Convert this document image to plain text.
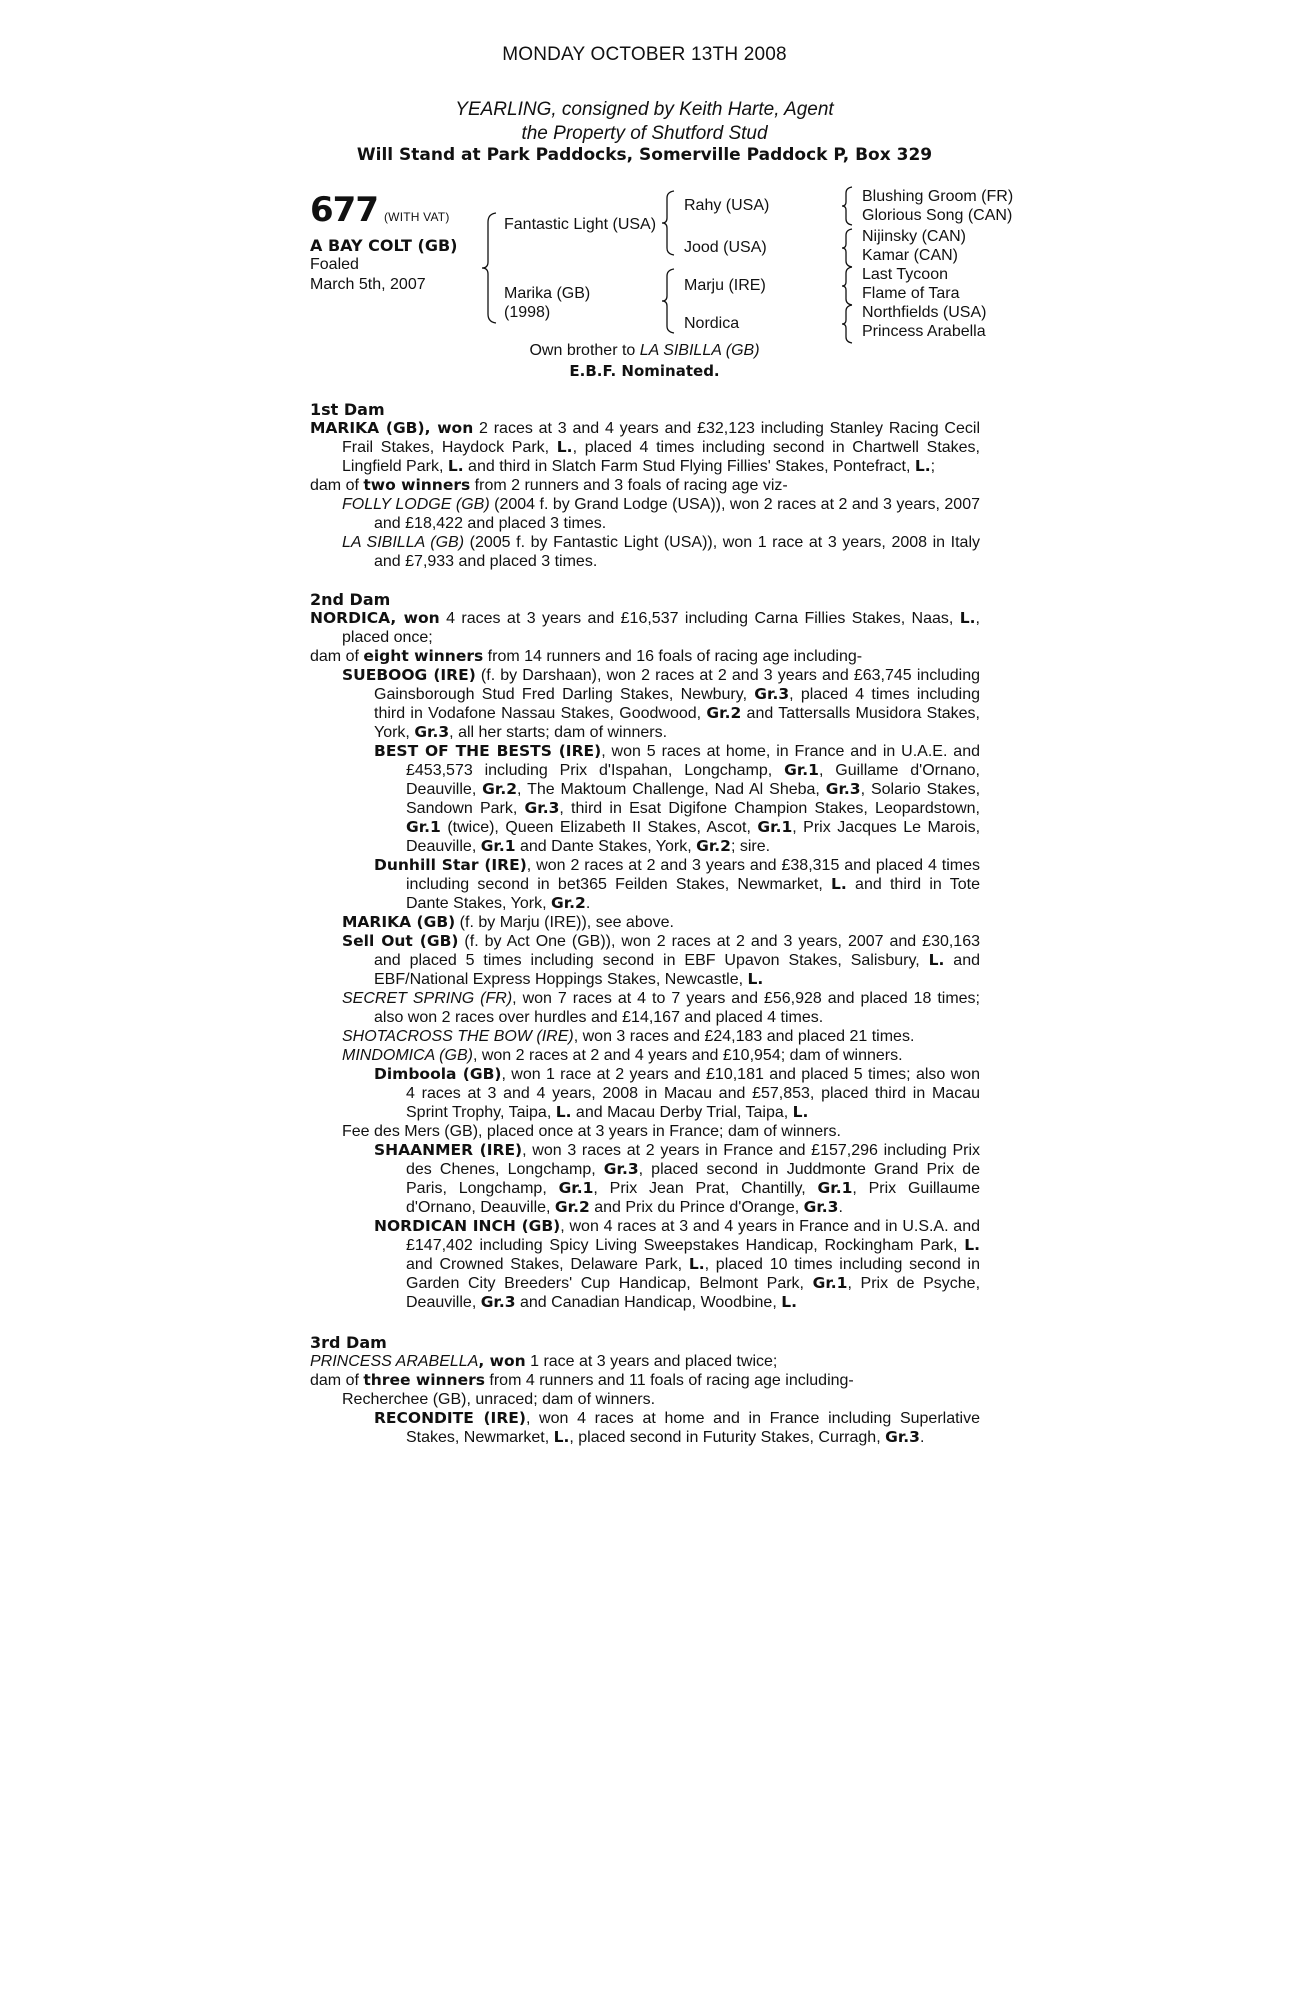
MONDAY OCTOBER 13TH 2008
YEARLING, consigned by Keith Harte, Agent
the Property of Shutford Stud
Will Stand at Park Paddocks, Somerville Paddock P, Box 329
677 (WITH VAT)
A BAY COLT (GB)
Foaled
March 5th, 2007
Fantastic Light (USA)
Marika (GB)
(1998)
Rahy (USA)
Jood (USA)
Marju (IRE)
Nordica
Blushing Groom (FR)
Glorious Song (CAN)
Nijinsky (CAN)
Kamar (CAN)
Last Tycoon
Flame of Tara
Northfields (USA)
Princess Arabella
Own brother to LA SIBILLA (GB)
E.B.F. Nominated.
1st Dam
MARIKA (GB), won 2 races at 3 and 4 years and £32,123 including Stanley Racing Cecil Frail Stakes, Haydock Park, L., placed 4 times including second in Chartwell Stakes, Lingfield Park, L. and third in Slatch Farm Stud Flying Fillies' Stakes, Pontefract, L.;
dam of two winners from 2 runners and 3 foals of racing age viz-
FOLLY LODGE (GB) (2004 f. by Grand Lodge (USA)), won 2 races at 2 and 3 years, 2007 and £18,422 and placed 3 times.
LA SIBILLA (GB) (2005 f. by Fantastic Light (USA)), won 1 race at 3 years, 2008 in Italy and £7,933 and placed 3 times.
2nd Dam
NORDICA, won 4 races at 3 years and £16,537 including Carna Fillies Stakes, Naas, L., placed once;
dam of eight winners from 14 runners and 16 foals of racing age including-
SUEBOOG (IRE) (f. by Darshaan), won 2 races at 2 and 3 years and £63,745 including Gainsborough Stud Fred Darling Stakes, Newbury, Gr.3, placed 4 times including third in Vodafone Nassau Stakes, Goodwood, Gr.2 and Tattersalls Musidora Stakes, York, Gr.3, all her starts; dam of winners.
BEST OF THE BESTS (IRE), won 5 races at home, in France and in U.A.E. and £453,573 including Prix d'Ispahan, Longchamp, Gr.1, Guillame d'Ornano, Deauville, Gr.2, The Maktoum Challenge, Nad Al Sheba, Gr.3, Solario Stakes, Sandown Park, Gr.3, third in Esat Digifone Champion Stakes, Leopardstown, Gr.1 (twice), Queen Elizabeth II Stakes, Ascot, Gr.1, Prix Jacques Le Marois, Deauville, Gr.1 and Dante Stakes, York, Gr.2; sire.
Dunhill Star (IRE), won 2 races at 2 and 3 years and £38,315 and placed 4 times including second in bet365 Feilden Stakes, Newmarket, L. and third in Tote Dante Stakes, York, Gr.2.
MARIKA (GB) (f. by Marju (IRE)), see above.
Sell Out (GB) (f. by Act One (GB)), won 2 races at 2 and 3 years, 2007 and £30,163 and placed 5 times including second in EBF Upavon Stakes, Salisbury, L. and EBF/National Express Hoppings Stakes, Newcastle, L.
SECRET SPRING (FR), won 7 races at 4 to 7 years and £56,928 and placed 18 times; also won 2 races over hurdles and £14,167 and placed 4 times.
SHOTACROSS THE BOW (IRE), won 3 races and £24,183 and placed 21 times.
MINDOMICA (GB), won 2 races at 2 and 4 years and £10,954; dam of winners.
Dimboola (GB), won 1 race at 2 years and £10,181 and placed 5 times; also won 4 races at 3 and 4 years, 2008 in Macau and £57,853, placed third in Macau Sprint Trophy, Taipa, L. and Macau Derby Trial, Taipa, L.
Fee des Mers (GB), placed once at 3 years in France; dam of winners.
SHAANMER (IRE), won 3 races at 2 years in France and £157,296 including Prix des Chenes, Longchamp, Gr.3, placed second in Juddmonte Grand Prix de Paris, Longchamp, Gr.1, Prix Jean Prat, Chantilly, Gr.1, Prix Guillaume d'Ornano, Deauville, Gr.2 and Prix du Prince d'Orange, Gr.3.
NORDICAN INCH (GB), won 4 races at 3 and 4 years in France and in U.S.A. and £147,402 including Spicy Living Sweepstakes Handicap, Rockingham Park, L. and Crowned Stakes, Delaware Park, L., placed 10 times including second in Garden City Breeders' Cup Handicap, Belmont Park, Gr.1, Prix de Psyche, Deauville, Gr.3 and Canadian Handicap, Woodbine, L.
3rd Dam
PRINCESS ARABELLA, won 1 race at 3 years and placed twice;
dam of three winners from 4 runners and 11 foals of racing age including-
Recherchee (GB), unraced; dam of winners.
RECONDITE (IRE), won 4 races at home and in France including Superlative Stakes, Newmarket, L., placed second in Futurity Stakes, Curragh, Gr.3.
